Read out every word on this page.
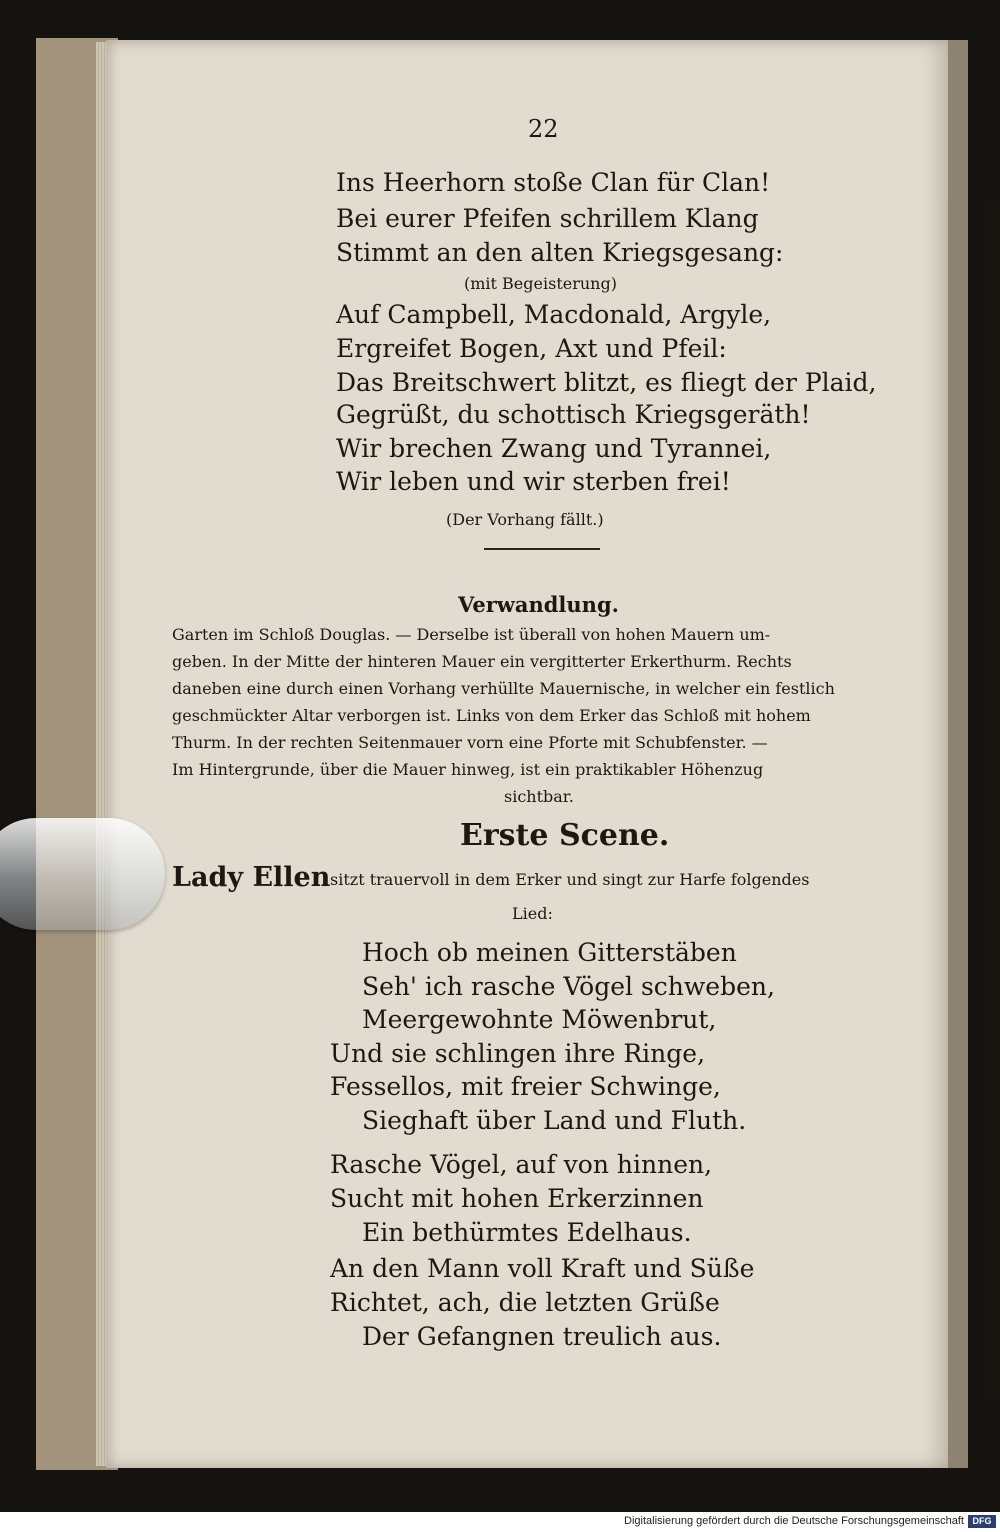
22
Ins Heerhorn stoße Clan für Clan!
Bei eurer Pfeifen schrillem Klang
Stimmt an den alten Kriegsgesang:
(mit Begeisterung)
Auf Campbell, Macdonald, Argyle,
Ergreifet Bogen, Axt und Pfeil:
Das Breitschwert blitzt, es fliegt der Plaid,
Gegrüßt, du schottisch Kriegsgeräth!
Wir brechen Zwang und Tyrannei,
Wir leben und wir sterben frei!
(Der Vorhang fällt.)
Verwandlung.
Garten im Schloß Douglas. — Derselbe ist überall von hohen Mauern um-
geben. In der Mitte der hinteren Mauer ein vergitterter Erkerthurm. Rechts
daneben eine durch einen Vorhang verhüllte Mauernische, in welcher ein festlich
geschmückter Altar verborgen ist. Links von dem Erker das Schloß mit hohem
Thurm. In der rechten Seitenmauer vorn eine Pforte mit Schubfenster. —
Im Hintergrunde, über die Mauer hinweg, ist ein praktikabler Höhenzug
sichtbar.
Erste Scene.
Lady Ellen sitzt trauervoll in dem Erker und singt zur Harfe folgendes
Lied:
Hoch ob meinen Gitterstäben
Seh' ich rasche Vögel schweben,
Meergewohnte Möwenbrut,
Und sie schlingen ihre Ringe,
Fessellos, mit freier Schwinge,
Sieghaft über Land und Fluth.
Rasche Vögel, auf von hinnen,
Sucht mit hohen Erkerzinnen
Ein bethürmtes Edelhaus.
An den Mann voll Kraft und Süße
Richtet, ach, die letzten Grüße
Der Gefangnen treulich aus.
Digitalisierung gefördert durch die Deutsche Forschungsgemeinschaft DFG
